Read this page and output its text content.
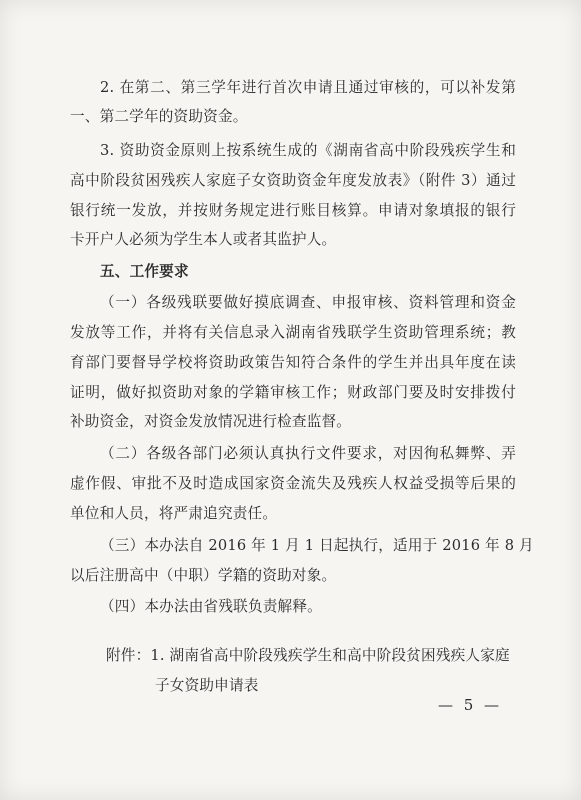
2. 在第二、第三学年进行首次申请且通过审核的，可以补发第
一、第二学年的资助资金。
3. 资助资金原则上按系统生成的《湖南省高中阶段残疾学生和
高中阶段贫困残疾人家庭子女资助资金年度发放表》（附件 3）通过
银行统一发放，并按财务规定进行账目核算。申请对象填报的银行
卡开户人必须为学生本人或者其监护人。
五、工作要求
（一）各级残联要做好摸底调查、申报审核、资料管理和资金
发放等工作，并将有关信息录入湖南省残联学生资助管理系统；教
育部门要督导学校将资助政策告知符合条件的学生并出具年度在读
证明，做好拟资助对象的学籍审核工作；财政部门要及时安排拨付
补助资金，对资金发放情况进行检查监督。
（二）各级各部门必须认真执行文件要求，对因徇私舞弊、弄
虚作假、审批不及时造成国家资金流失及残疾人权益受损等后果的
单位和人员，将严肃追究责任。
（三）本办法自 2016 年 1 月 1 日起执行，适用于 2016 年 8 月
以后注册高中（中职）学籍的资助对象。
（四）本办法由省残联负责解释。
附件：1. 湖南省高中阶段残疾学生和高中阶段贫困残疾人家庭
子女资助申请表
— 5 —
